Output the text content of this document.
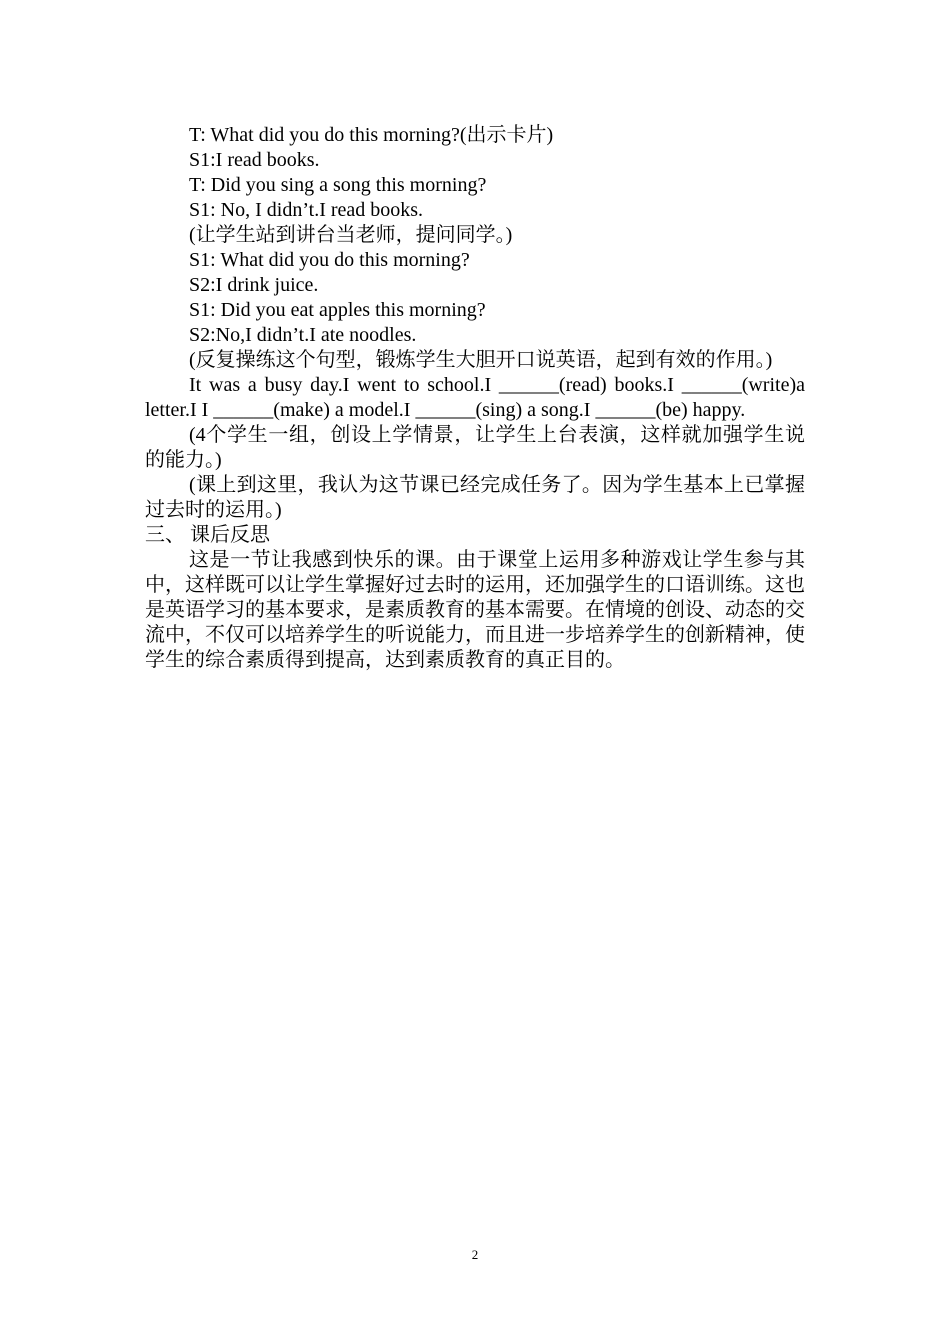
T: What did you do this morning?(出示卡片)

S1:I read books.

T: Did you sing a song this morning?

S1: No, I didn’t.I read books.

(让学生站到讲台当老师，提问同学。)

S1: What did you do this morning?

S2:I drink juice.

S1: Did you eat apples this morning?

S2:No,I didn’t.I ate noodles.

(反复操练这个句型，锻炼学生大胆开口说英语，起到有效的作用。)

It was a busy day.I went to school.I ______(read) books.I ______(write)a letter.I I ______(make) a model.I ______(sing) a song.I ______(be) happy.

(4个学生一组，创设上学情景，让学生上台表演，这样就加强学生说的能力。)

(课上到这里，我认为这节课已经完成任务了。因为学生基本上已掌握过去时的运用。)

三、 课后反思

这是一节让我感到快乐的课。由于课堂上运用多种游戏让学生参与其中，这样既可以让学生掌握好过去时的运用，还加强学生的口语训练。这也是英语学习的基本要求，是素质教育的基本需要。在情境的创设、动态的交流中，不仅可以培养学生的听说能力，而且进一步培养学生的创新精神，使学生的综合素质得到提高，达到素质教育的真正目的。

2
